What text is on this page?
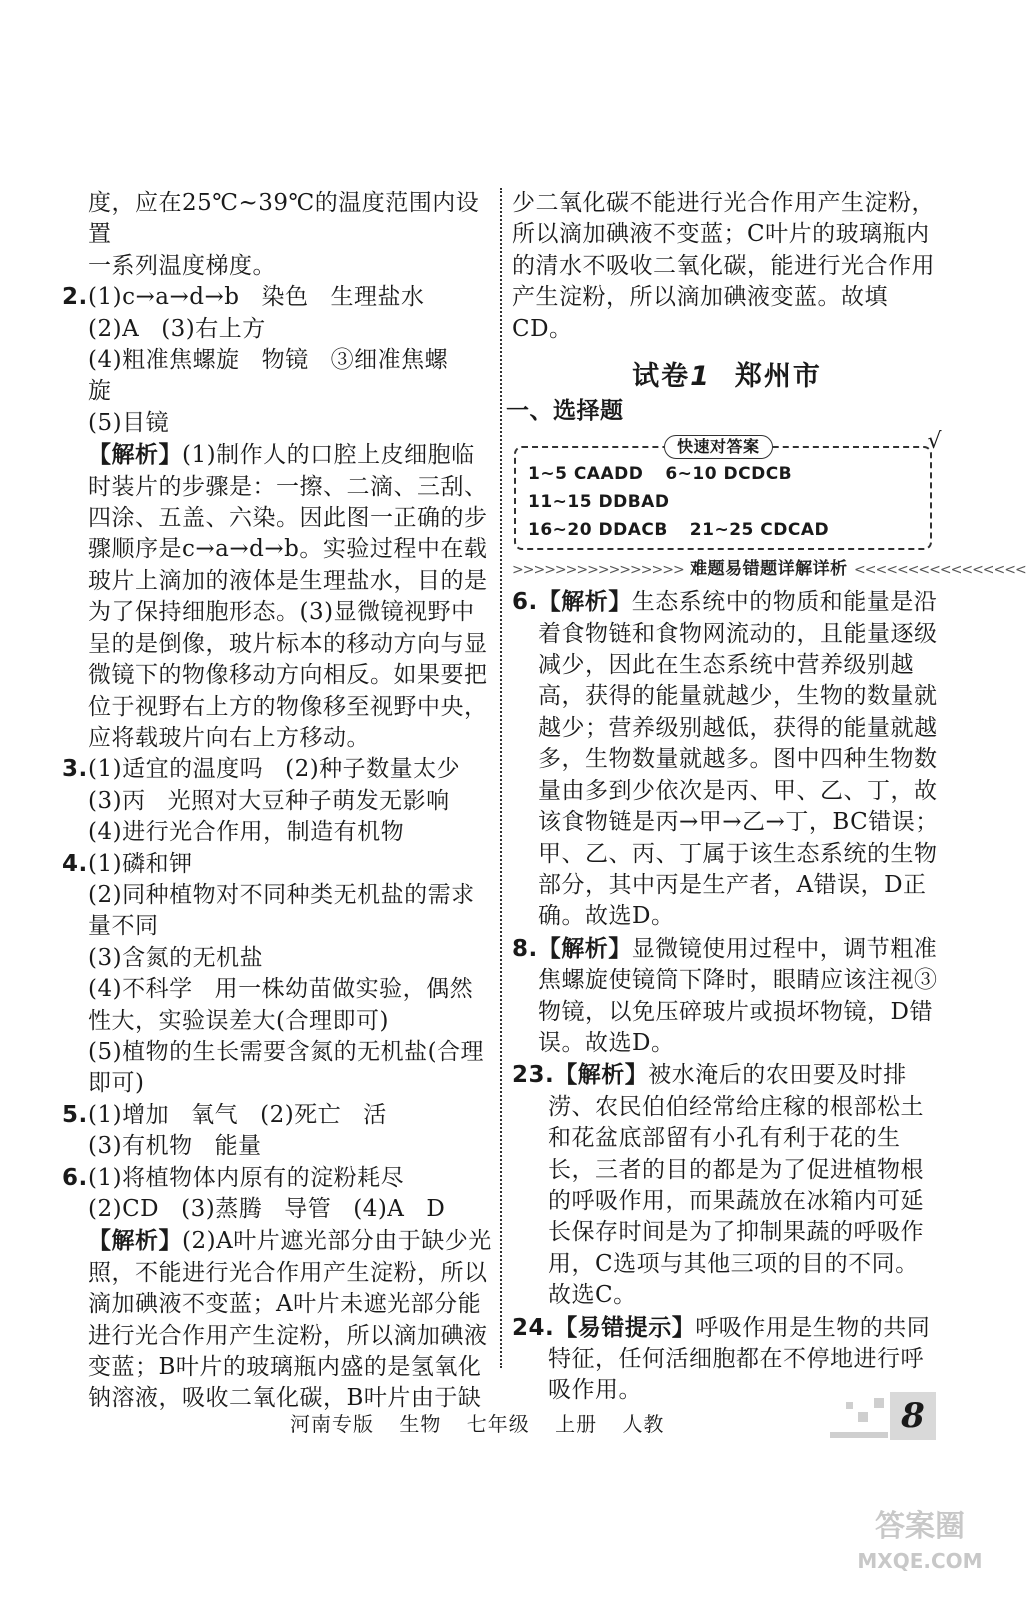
度，应在25℃~39℃的温度范围内设置

一系列温度梯度。

2.(1)c→a→d→b 染色 生理盐水

(2)A (3)右上方

(4)粗准焦螺旋 物镜 ③细准焦螺

旋

(5)目镜

【解析】(1)制作人的口腔上皮细胞临时装片的步骤是：一擦、二滴、三刮、四涂、五盖、六染。因此图一正确的步骤顺序是c→a→d→b。实验过程中在载玻片上滴加的液体是生理盐水，目的是为了保持细胞形态。(3)显微镜视野中呈的是倒像，玻片标本的移动方向与显微镜下的物像移动方向相反。如果要把位于视野右上方的物像移至视野中央，应将载玻片向右上方移动。

3.(1)适宜的温度吗 (2)种子数量太少

(3)丙 光照对大豆种子萌发无影响

(4)进行光合作用，制造有机物

4.(1)磷和钾

(2)同种植物对不同种类无机盐的需求量不同

(3)含氮的无机盐

(4)不科学 用一株幼苗做实验，偶然性大，实验误差大(合理即可)

(5)植物的生长需要含氮的无机盐(合理即可)

5.(1)增加 氧气 (2)死亡 活

(3)有机物 能量

6.(1)将植物体内原有的淀粉耗尽

(2)CD (3)蒸腾 导管 (4)A D

【解析】(2)A叶片遮光部分由于缺少光照，不能进行光合作用产生淀粉，所以滴加碘液不变蓝；A叶片未遮光部分能进行光合作用产生淀粉，所以滴加碘液变蓝；B叶片的玻璃瓶内盛的是氢氧化钠溶液，吸收二氧化碳，B叶片由于缺

少二氧化碳不能进行光合作用产生淀粉，所以滴加碘液不变蓝；C叶片的玻璃瓶内的清水不吸收二氧化碳，能进行光合作用产生淀粉，所以滴加碘液变蓝。故填CD。

试卷1 郑州市
一、选择题
快速对答案	√
1~5 CAADD 6~10 DCDCB11~15 DDBAD
16~20 DDACB 21~25 CDCAD
>>>>>>>>>>>>>>>> 难题易错题详解详析 <<<<<<<<<<<<<<<<

6.【解析】生态系统中的物质和能量是沿着食物链和食物网流动的，且能量逐级减少，因此在生态系统中营养级别越高，获得的能量就越少，生物的数量就越少；营养级别越低，获得的能量就越多，生物数量就越多。图中四种生物数量由多到少依次是丙、甲、乙、丁，故该食物链是丙→甲→乙→丁，BC错误；甲、乙、丙、丁属于该生态系统的生物部分，其中丙是生产者，A错误，D正确。故选D。

8.【解析】显微镜使用过程中，调节粗准焦螺旋使镜筒下降时，眼睛应该注视③物镜，以免压碎玻片或损坏物镜，D错误。故选D。

23.【解析】被水淹后的农田要及时排涝、农民伯伯经常给庄稼的根部松土和花盆底部留有小孔有利于花的生长，三者的目的都是为了促进植物根的呼吸作用，而果蔬放在冰箱内可延长保存时间是为了抑制果蔬的呼吸作用，C选项与其他三项的目的不同。故选C。

24.【易错提示】呼吸作用是生物的共同特征，任何活细胞都在不停地进行呼吸作用。

河南专版 生物 七年级 上册 人教	8
答案圈
MXQE.COM
